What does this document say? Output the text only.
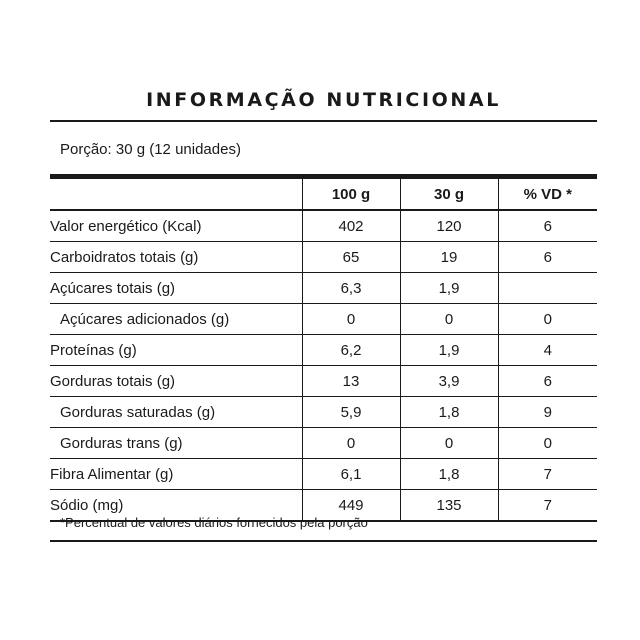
INFORMAÇÃO NUTRICIONAL
Porção: 30 g (12 unidades)
	100 g	30 g	% VD *
Valor energético (Kcal)	402	120	6
Carboidratos totais (g)	65	19	6
Açúcares totais (g)	6,3	1,9	
Açúcares adicionados (g)	0	0	0
Proteínas (g)	6,2	1,9	4
Gorduras totais (g)	13	3,9	6
Gorduras saturadas (g)	5,9	1,8	9
Gorduras trans (g)	0	0	0
Fibra Alimentar (g)	6,1	1,8	7
Sódio (mg)	449	135	7
*Percentual de valores diários fornecidos pela porção
